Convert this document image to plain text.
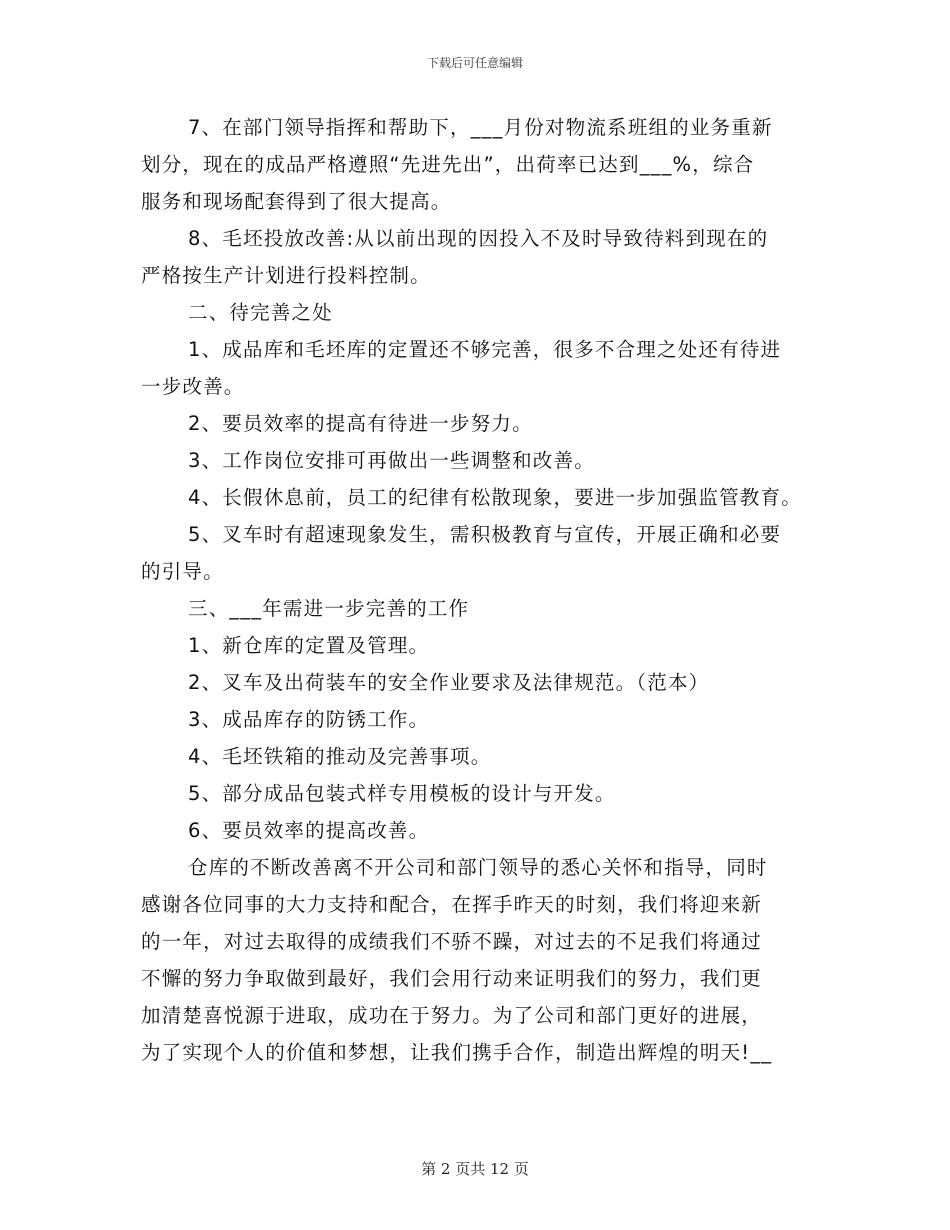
下载后可任意编辑
7、在部门领导指挥和帮助下，___月份对物流系班组的业务重新
划分，现在的成品严格遵照“先进先出”，出荷率已达到___%，综合
服务和现场配套得到了很大提高。
8、毛坯投放改善:从以前出现的因投入不及时导致待料到现在的
严格按生产计划进行投料控制。
二、待完善之处
1、成品库和毛坯库的定置还不够完善，很多不合理之处还有待进
一步改善。
2、要员效率的提高有待进一步努力。
3、工作岗位安排可再做出一些调整和改善。
4、长假休息前，员工的纪律有松散现象，要进一步加强监管教育。
5、叉车时有超速现象发生，需积极教育与宣传，开展正确和必要
的引导。
三、___年需进一步完善的工作
1、新仓库的定置及管理。
2、叉车及出荷装车的安全作业要求及法律规范。（范本）
3、成品库存的防锈工作。
4、毛坯铁箱的推动及完善事项。
5、部分成品包装式样专用模板的设计与开发。
6、要员效率的提高改善。
仓库的不断改善离不开公司和部门领导的悉心关怀和指导，同时
感谢各位同事的大力支持和配合，在挥手昨天的时刻，我们将迎来新
的一年，对过去取得的成绩我们不骄不躁，对过去的不足我们将通过
不懈的努力争取做到最好，我们会用行动来证明我们的努力，我们更
加清楚喜悦源于进取，成功在于努力。为了公司和部门更好的进展，
为了实现个人的价值和梦想，让我们携手合作，制造出辉煌的明天!__
第 2 页共 12 页
